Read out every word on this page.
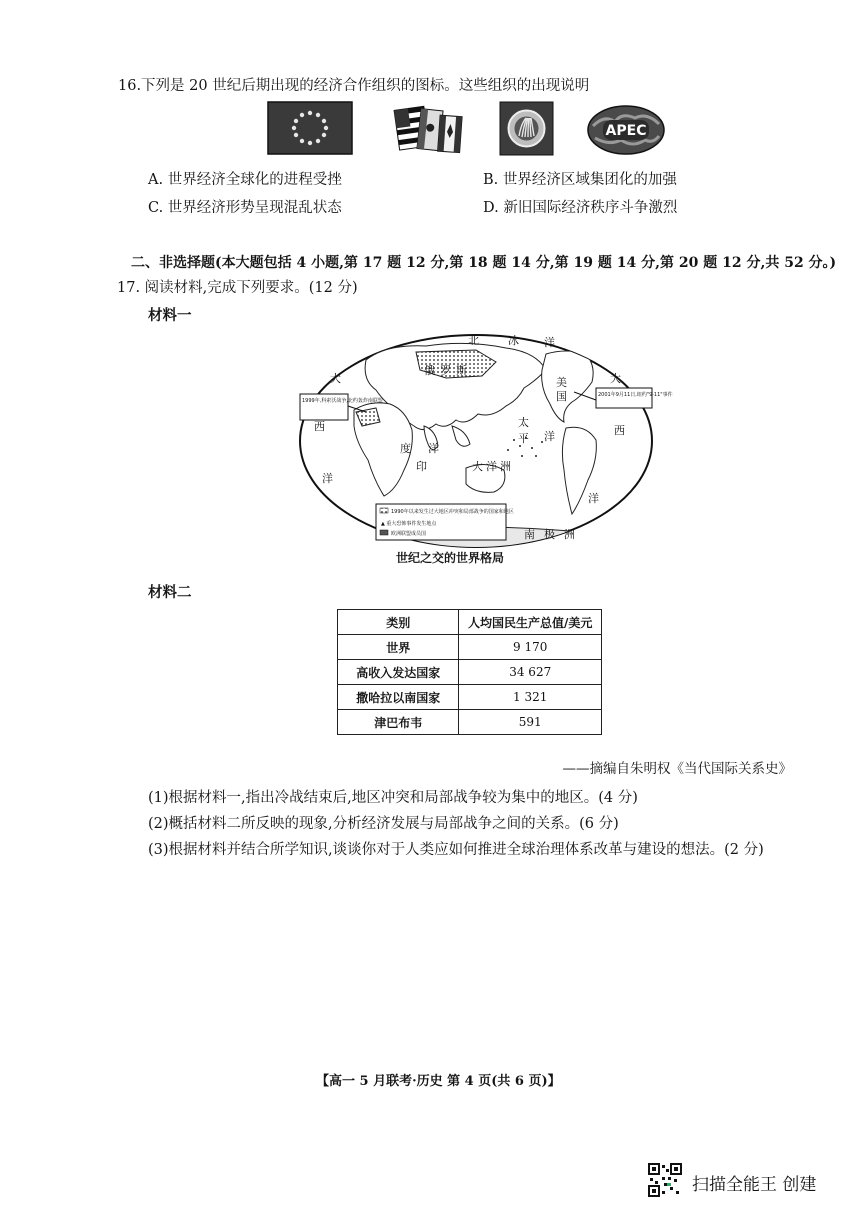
16.下列是 20 世纪后期出现的经济合作组织的图标。这些组织的出现说明
APEC
A. 世界经济全球化的进程受挫	B. 世界经济区域集团化的加强
C. 世界经济形势呈现混乱状态	D. 新旧国际经济秩序斗争激烈
二、非选择题(本大题包括 4 小题,第 17 题 12 分,第 18 题 14 分,第 19 题 14 分,第 20 题 12 分,共 52 分。)
17. 阅读材料,完成下列要求。(12 分)
材料一
北	冰 洋
俄 罗 斯
大
西
洋
印
度 洋
太
平 洋
大 洋 洲
美
国
西
洋
大
南 极 洲
1999年,科索沃战争,北约轰炸南联盟
2001年9月11日,纽约"9·11"事件
1990年以来发生过大地区冲突和局部战争的国家和地区
▲ 重大恐怖事件发生地点
欧洲联盟成员国
世纪之交的世界格局
材料二
类别	人均国民生产总值/美元
世界	9 170
高收入发达国家	34 627
撒哈拉以南国家	1 321
津巴布韦	591
——摘编自朱明权《当代国际关系史》
(1)根据材料一,指出冷战结束后,地区冲突和局部战争较为集中的地区。(4 分)
(2)概括材料二所反映的现象,分析经济发展与局部战争之间的关系。(6 分)
(3)根据材料并结合所学知识,谈谈你对于人类应如何推进全球治理体系改革与建设的想法。(2 分)
【高一 5 月联考·历史 第 4 页(共 6 页)】
扫描全能王 创建
